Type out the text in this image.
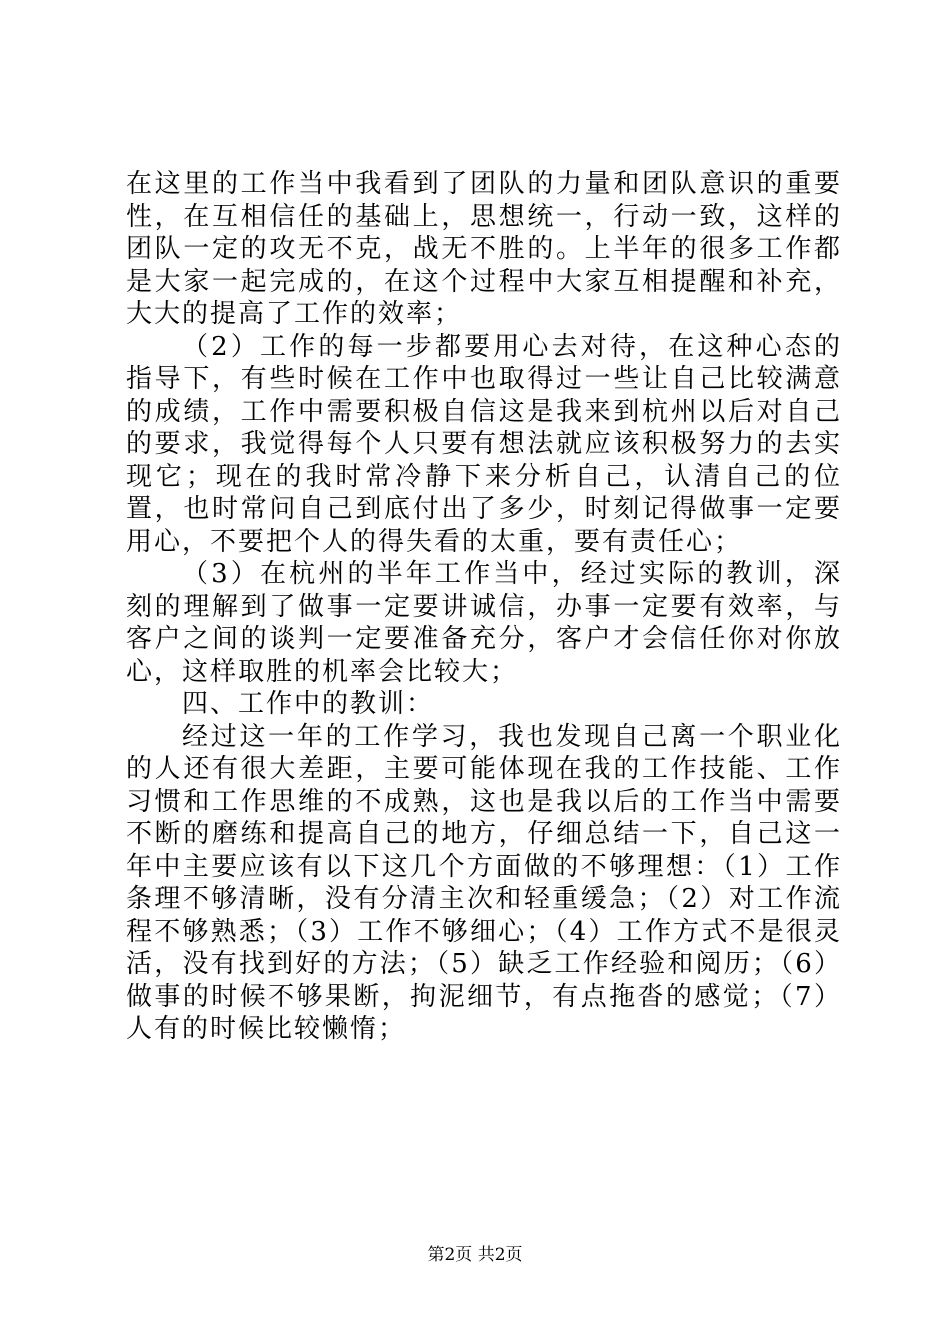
在这里的工作当中我看到了团队的力量和团队意识的重要性，在互相信任的基础上，思想统一，行动一致，这样的团队一定的攻无不克，战无不胜的。上半年的很多工作都是大家一起完成的，在这个过程中大家互相提醒和补充，大大的提高了工作的效率；

（2）工作的每一步都要用心去对待，在这种心态的指导下，有些时候在工作中也取得过一些让自己比较满意的成绩，工作中需要积极自信这是我来到杭州以后对自己的要求，我觉得每个人只要有想法就应该积极努力的去实现它；现在的我时常冷静下来分析自己，认清自己的位置，也时常问自己到底付出了多少，时刻记得做事一定要用心，不要把个人的得失看的太重，要有责任心；

（3）在杭州的半年工作当中，经过实际的教训，深刻的理解到了做事一定要讲诚信，办事一定要有效率，与客户之间的谈判一定要准备充分，客户才会信任你对你放心，这样取胜的机率会比较大；

四、工作中的教训：

经过这一年的工作学习，我也发现自己离一个职业化的人还有很大差距，主要可能体现在我的工作技能、工作习惯和工作思维的不成熟，这也是我以后的工作当中需要不断的磨练和提高自己的地方，仔细总结一下，自己这一年中主要应该有以下这几个方面做的不够理想：（1）工作条理不够清晰，没有分清主次和轻重缓急；（2）对工作流程不够熟悉；（3）工作不够细心；（4）工作方式不是很灵活，没有找到好的方法；（5）缺乏工作经验和阅历；（6）做事的时候不够果断，拘泥细节，有点拖沓的感觉；（7）人有的时候比较懒惰；

第2页 共2页
